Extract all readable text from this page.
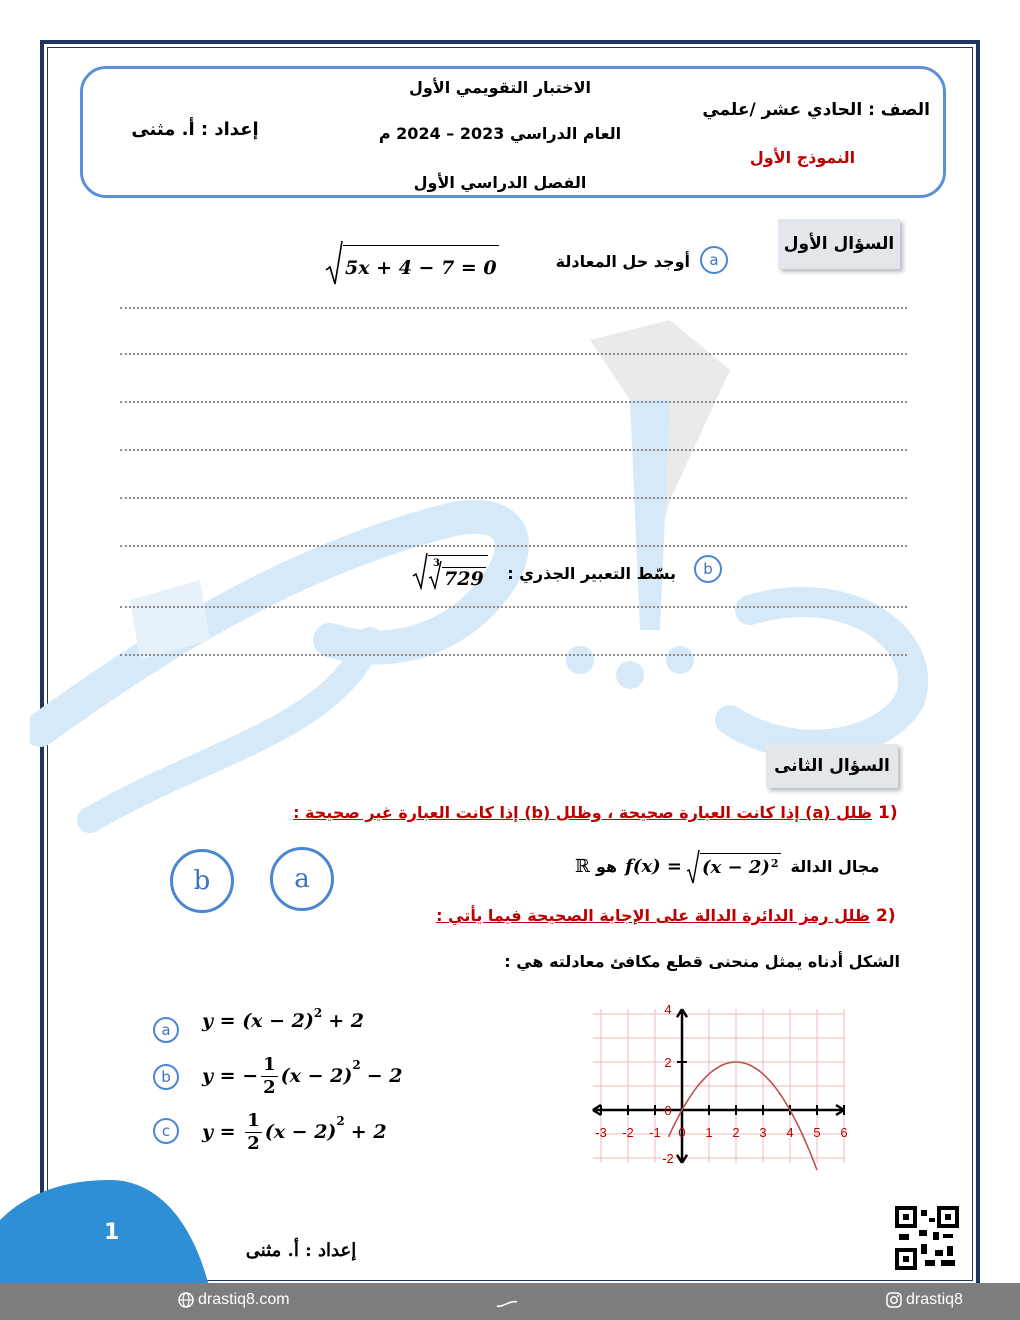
الاختبار التقويمي الأول
العام الدراسي 2023 – 2024 م
الفصل الدراسي الأول
الصف : الحادي عشر /علمي
النموذج الأول
إعداد : أ. مثنى
السؤال الأول
a
أوجد حل المعادلة
5x + 4 − 7 = 0
b
بسّط التعبير الجذري :
3
729
السؤال الثانى
1)
ظلل (a) إذا كانت العبارة صحيحة ، وظلل (b) إذا كانت العبارة غير صحيحة :
b	a	ℝ هو f(x) = (x − 2) 2 مجال الدالة
2)
ظلل رمز الدائرة الدالة على الإجابة الصحيحة فيما يأتي :
الشكل أدناه يمثل منحنى قطع مكافئ معادلته هي :
a	y = (x − 2) 2 + 2
b	y = − $\frac{1}{2} (x - 2) 2 - 2$
c	$y = \frac{1}{2} (x - 2) 2 + 2$	-3 -2 -1 0 1 2 3 4 5 6
4
2
0
-2
1
إعداد : أ. مثنى
drastiq8.com	drastiq8
